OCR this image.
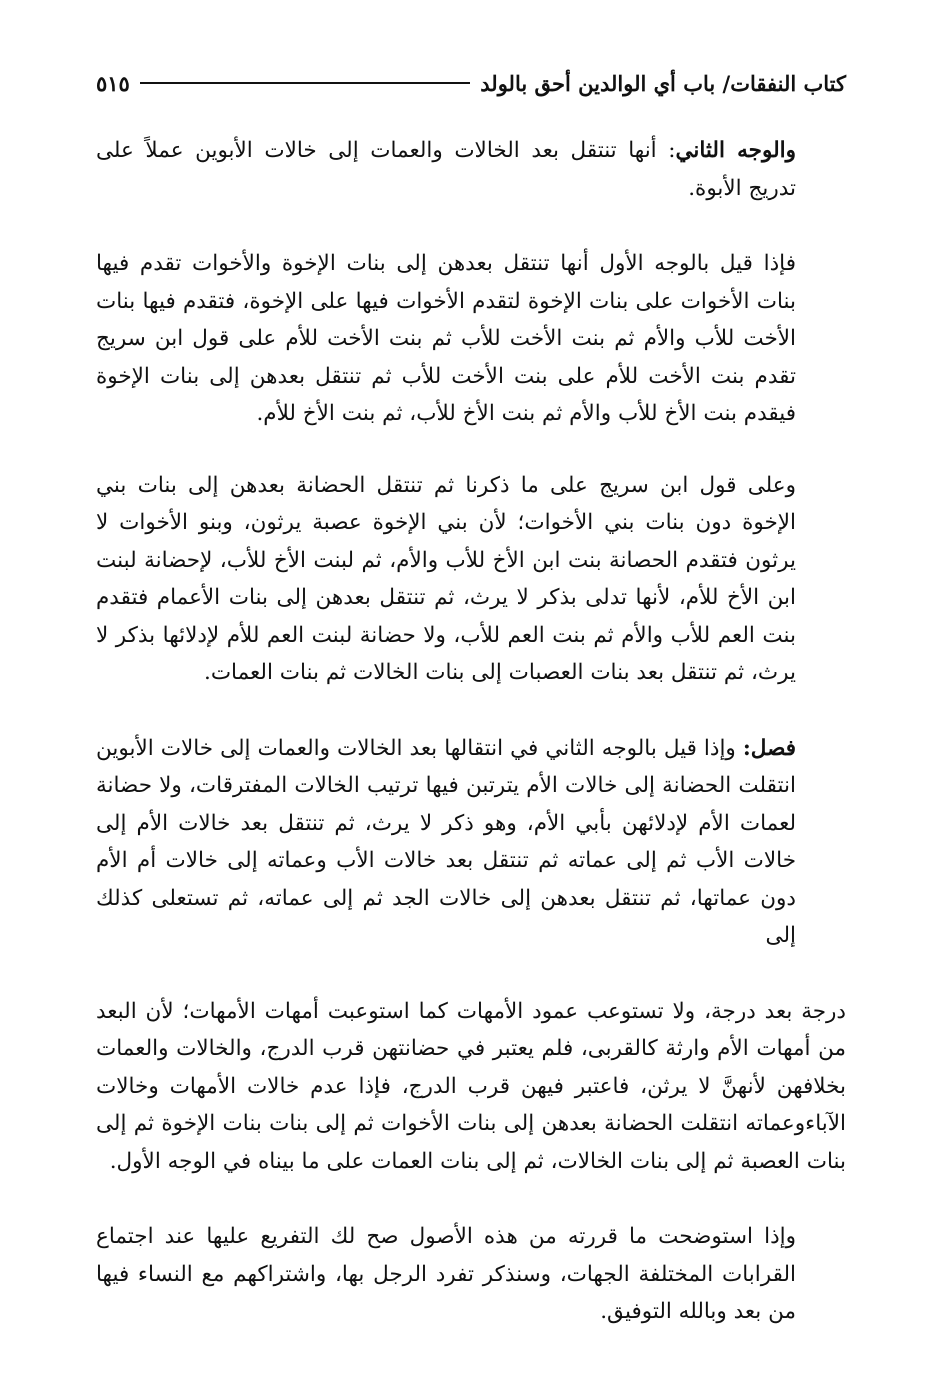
كتاب النفقات/ باب أي الوالدين أحق بالولد
٥١٥

والوجه الثاني: أنها تنتقل بعد الخالات والعمات إلى خالات الأبوين عملاً على تدريج الأبوة.

فإذا قيل بالوجه الأول أنها تنتقل بعدهن إلى بنات الإخوة والأخوات تقدم فيها بنات الأخوات على بنات الإخوة لتقدم الأخوات فيها على الإخوة، فتقدم فيها بنات الأخت للأب والأم ثم بنت الأخت للأب ثم بنت الأخت للأم على قول ابن سريج تقدم بنت الأخت للأم على بنت الأخت للأب ثم تنتقل بعدهن إلى بنات الإخوة فيقدم بنت الأخ للأب والأم ثم بنت الأخ للأب، ثم بنت الأخ للأم.

وعلى قول ابن سريج على ما ذكرنا ثم تنتقل الحضانة بعدهن إلى بنات بني الإخوة دون بنات بني الأخوات؛ لأن بني الإخوة عصبة يرثون، وبنو الأخوات لا يرثون فتقدم الحصانة بنت ابن الأخ للأب والأم، ثم لبنت الأخ للأب، لإحضانة لبنت ابن الأخ للأم، لأنها تدلى بذكر لا يرث، ثم تنتقل بعدهن إلى بنات الأعمام فتقدم بنت العم للأب والأم ثم بنت العم للأب، ولا حضانة لبنت العم للأم لإدلائها بذكر لا يرث، ثم تنتقل بعد بنات العصبات إلى بنات الخالات ثم بنات العمات.

فصل: وإذا قيل بالوجه الثاني في انتقالها بعد الخالات والعمات إلى خالات الأبوين انتقلت الحضانة إلى خالات الأم يترتبن فيها ترتيب الخالات المفترقات، ولا حضانة لعمات الأم لإدلائهن بأبي الأم، وهو ذكر لا يرث، ثم تنتقل بعد خالات الأم إلى خالات الأب ثم إلى عماته ثم تنتقل بعد خالات الأب وعماته إلى خالات أم الأم دون عماتها، ثم تنتقل بعدهن إلى خالات الجد ثم إلى عماته، ثم تستعلى كذلك إلى

درجة بعد درجة، ولا تستوعب عمود الأمهات كما استوعبت أمهات الأمهات؛ لأن البعد من أمهات الأم وارثة كالقربى، فلم يعتبر في حضانتهن قرب الدرج، والخالات والعمات بخلافهن لأنهنَّ لا يرثن، فاعتبر فيهن قرب الدرج، فإذا عدم خالات الأمهات وخالات الآباءوعماته انتقلت الحضانة بعدهن إلى بنات الأخوات ثم إلى بنات بنات الإخوة ثم إلى بنات العصبة ثم إلى بنات الخالات، ثم إلى بنات العمات على ما بيناه في الوجه الأول.

وإذا استوضحت ما قررته من هذه الأصول صح لك التفريع عليها عند اجتماع القرابات المختلفة الجهات، وسنذكر تفرد الرجل بها، واشتراكهم مع النساء فيها من بعد وبالله التوفيق.
